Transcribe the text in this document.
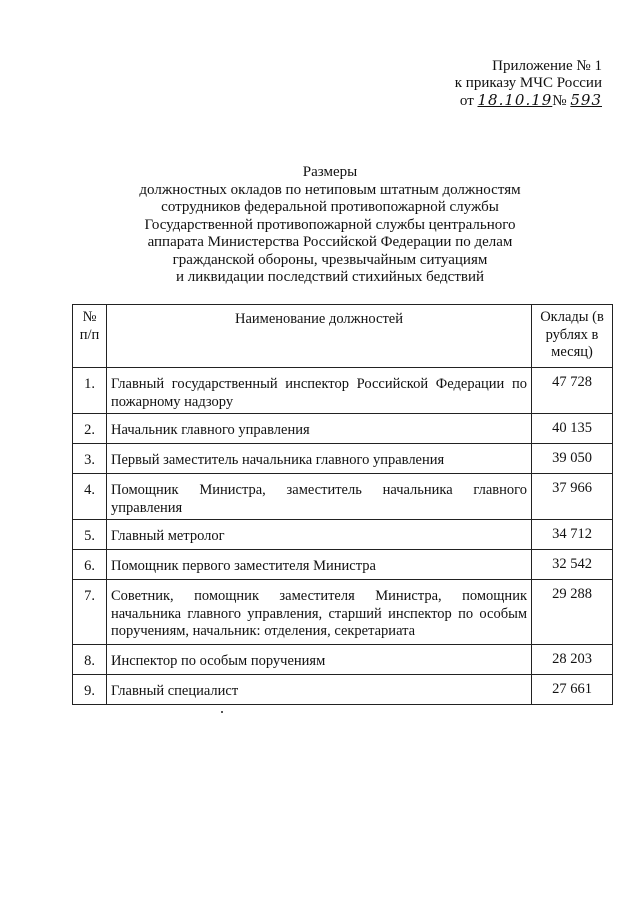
Приложение № 1
к приказу МЧС России
от 18.10.19№ 593
Размеры
должностных окладов по нетиповым штатным должностям
сотрудников федеральной противопожарной службы
Государственной противопожарной службы центрального
аппарата Министерства Российской Федерации по делам
гражданской обороны, чрезвычайным ситуациям
и ликвидации последствий стихийных бедствий
№ п/п	Наименование должностей	Оклады (в рублях в месяц)
1.	Главный государственный инспектор Российской Федерации по пожарному надзору	47 728
2.	Начальник главного управления	40 135
3.	Первый заместитель начальника главного управления	39 050
4.	Помощник Министра, заместитель начальника главного управления	37 966
5.	Главный метролог	34 712
6.	Помощник первого заместителя Министра	32 542
7.	Советник, помощник заместителя Министра, помощник начальника главного управления, старший инспектор по особым поручениям, начальник: отделения, секретариата	29 288
8.	Инспектор по особым поручениям	28 203
9.	Главный специалист	27 661
